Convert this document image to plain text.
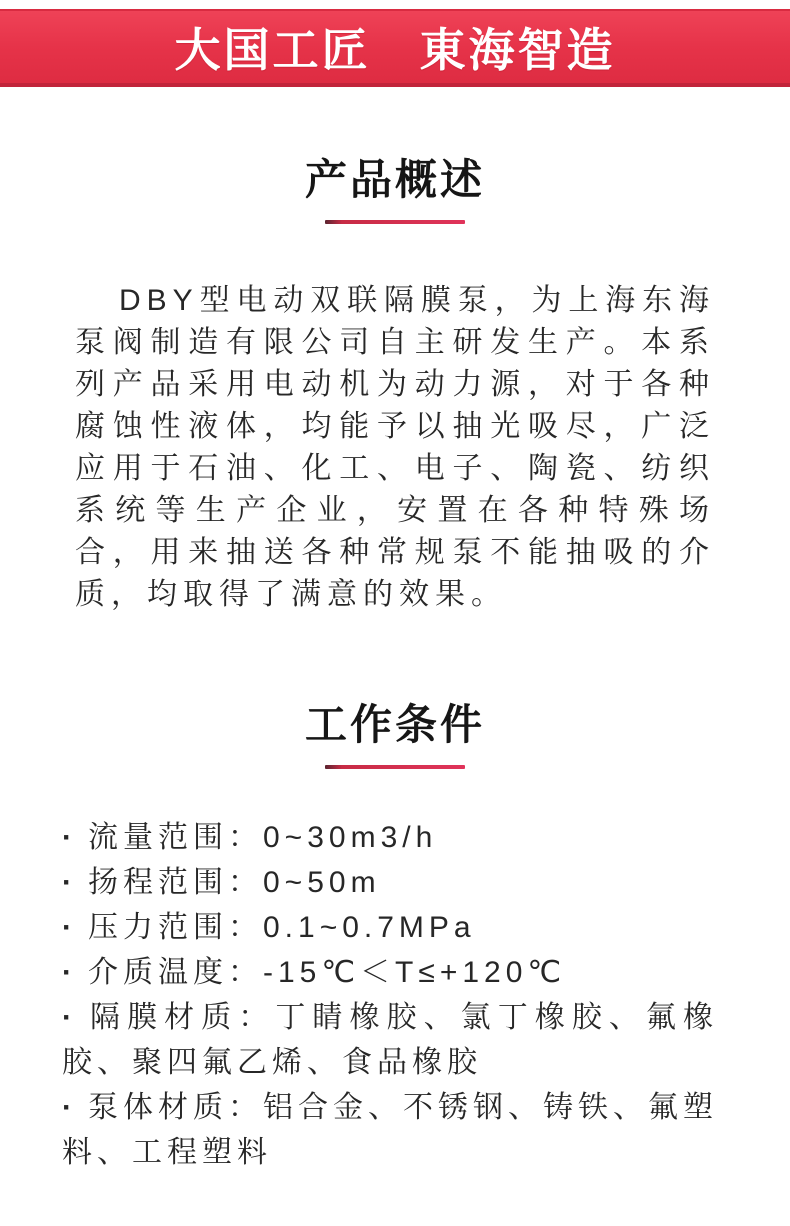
大国工匠　東海智造
产品概述

DBY型电动双联隔膜泵，为上海东海泵阀制造有限公司自主研发生产。本系列产品采用电动机为动力源，对于各种腐蚀性液体，均能予以抽光吸尽，广泛应用于石油、化工、电子、陶瓷、纺织系统等生产企业，安置在各种特殊场合，用来抽送各种常规泵不能抽吸的介质，均取得了满意的效果。

工作条件
· 流量范围：0~30m3/h
· 扬程范围：0~50m
· 压力范围：0.1~0.7MPa
· 介质温度：-15℃＜T≤+120℃
· 隔膜材质：丁睛橡胶、氯丁橡胶、氟橡胶、聚四氟乙烯、食品橡胶
· 泵体材质：铝合金、不锈钢、铸铁、氟塑料、工程塑料
